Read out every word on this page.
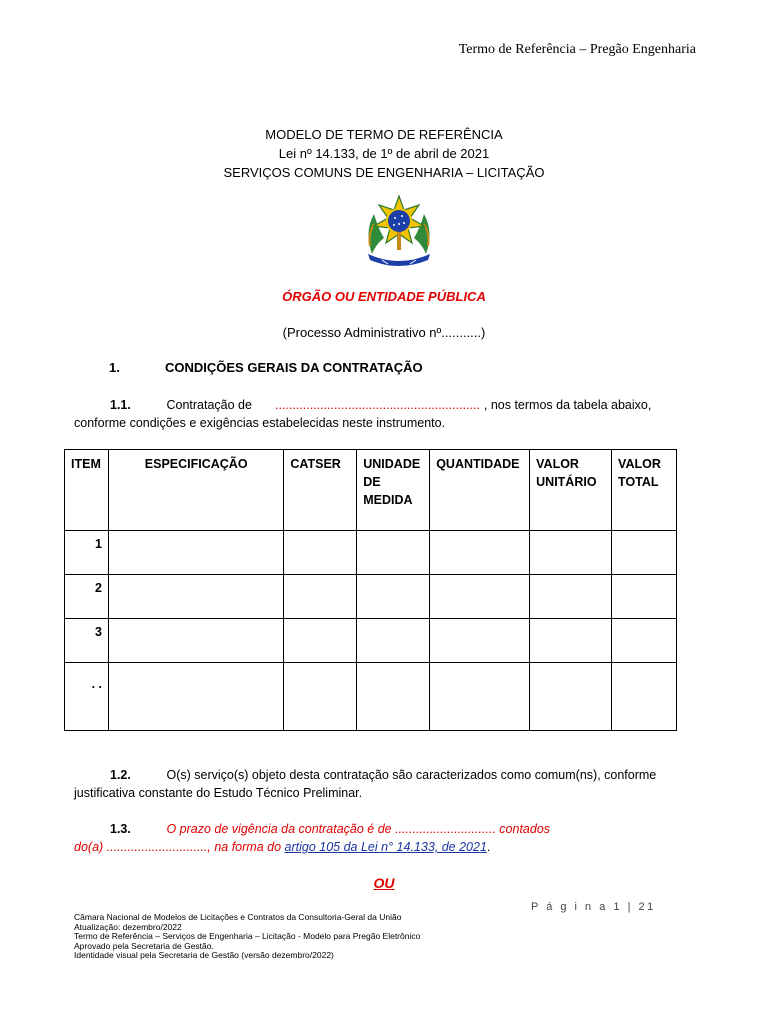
Termo de Referência – Pregão Engenharia
MODELO DE TERMO DE REFERÊNCIA
Lei nº 14.133, de 1º de abril de 2021
SERVIÇOS COMUNS DE ENGENHARIA – LICITAÇÃO
ÓRGÃO OU ENTIDADE PÚBLICA
(Processo Administrativo nº...........)
1.	CONDIÇÕES GERAIS DA CONTRATAÇÃO
1.1.	Contratação de ........................................................... , nos termos da tabela abaixo,
conforme condições e exigências estabelecidas neste instrumento.
ITEM	ESPECIFICAÇÃO	CATSER	UNIDADE DE MEDIDA	QUANTIDADE	VALOR UNITÁRIO	VALOR TOTAL
1						
2						
3						
. .						
1.2.	O(s) serviço(s) objeto desta contratação são caracterizados como comum(ns), conforme
justificativa constante do Estudo Técnico Preliminar.
1.3.	O prazo de vigência da contratação é de ............................. contados
do(a) ............................., na forma do artigo 105 da Lei n° 14.133, de 2021.
OU
P á g i n a 1 | 21
Câmara Nacional de Modelos de Licitações e Contratos da Consultoria-Geral da União
Atualização: dezembro/2022
Termo de Referência – Serviços de Engenharia – Licitação - Modelo para Pregão Eletrônico
Aprovado pela Secretaria de Gestão.
Identidade visual pela Secretaria de Gestão (versão dezembro/2022)
